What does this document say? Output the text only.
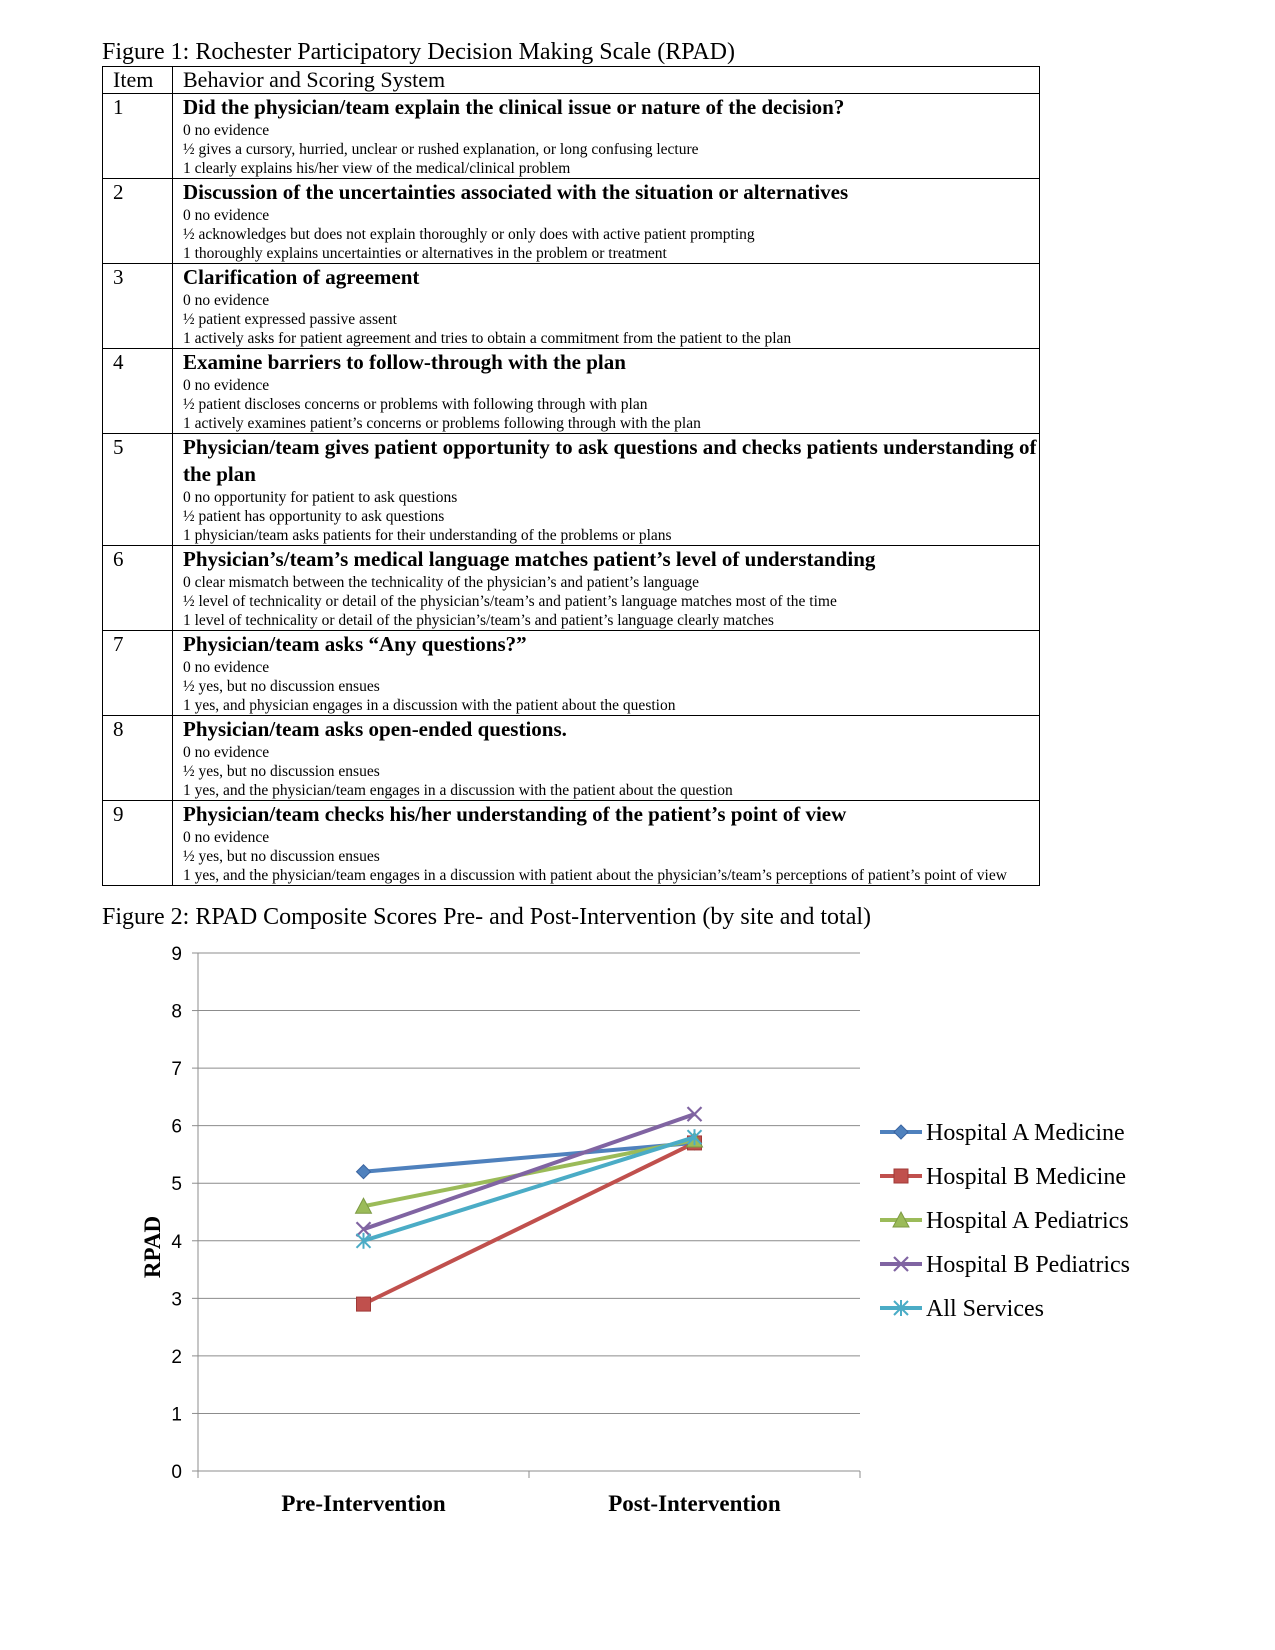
Figure 1: Rochester Participatory Decision Making Scale (RPAD)
Item	Behavior and Scoring System
1	Did the physician/team explain the clinical issue or nature of the decision?
0 no evidence
½ gives a cursory, hurried, unclear or rushed explanation, or long confusing lecture
1 clearly explains his/her view of the medical/clinical problem

2	Discussion of the uncertainties associated with the situation or alternatives
0 no evidence
½ acknowledges but does not explain thoroughly or only does with active patient prompting
1 thoroughly explains uncertainties or alternatives in the problem or treatment

3	Clarification of agreement
0 no evidence
½ patient expressed passive assent
1 actively asks for patient agreement and tries to obtain a commitment from the patient to the plan

4	Examine barriers to follow-through with the plan
0 no evidence
½ patient discloses concerns or problems with following through with plan
1 actively examines patient’s concerns or problems following through with the plan

5	Physician/team gives patient opportunity to ask questions and checks patients understanding of the plan
0 no opportunity for patient to ask questions
½ patient has opportunity to ask questions
1 physician/team asks patients for their understanding of the problems or plans

6	Physician’s/team’s medical language matches patient’s level of understanding
0 clear mismatch between the technicality of the physician’s and patient’s language
½ level of technicality or detail of the physician’s/team’s and patient’s language matches most of the time
1 level of technicality or detail of the physician’s/team’s and patient’s language clearly matches

7	Physician/team asks “Any questions?”
0 no evidence
½ yes, but no discussion ensues
1 yes, and physician engages in a discussion with the patient about the question

8	Physician/team asks open-ended questions.
0 no evidence
½ yes, but no discussion ensues
1 yes, and the physician/team engages in a discussion with the patient about the question

9	Physician/team checks his/her understanding of the patient’s point of view
0 no evidence
½ yes, but no discussion ensues
1 yes, and the physician/team engages in a discussion with patient about the physician’s/team’s perceptions of patient’s point of view
Figure 2: RPAD Composite Scores Pre- and Post-Intervention (by site and total)
0
1
2
3
4
5
6
7
8
9
Pre-Intervention	Post-Intervention
RPAD
Hospital A Medicine
Hospital B Medicine
Hospital A Pediatrics
Hospital B Pediatrics
All Services
